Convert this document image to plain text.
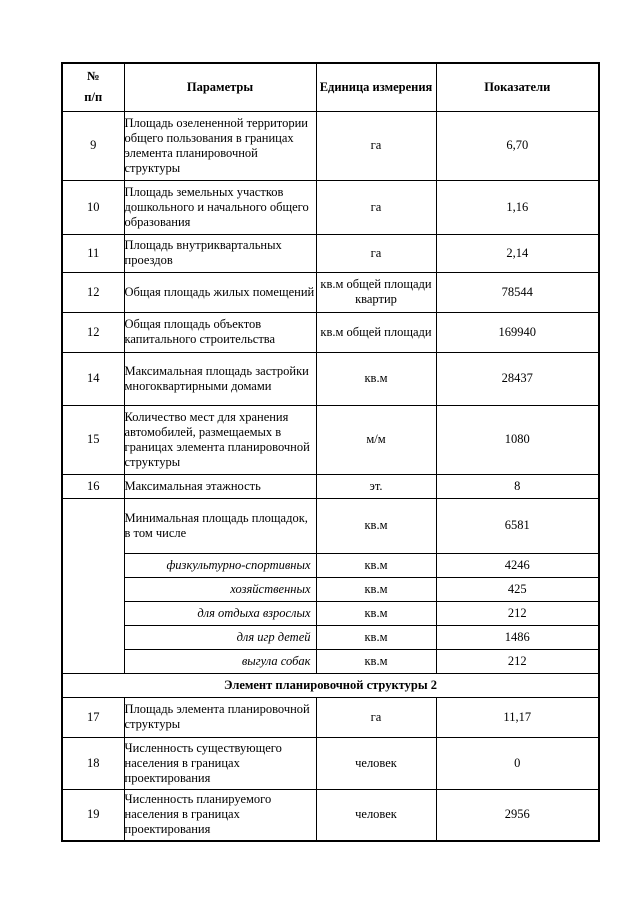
№
п/п	Параметры	Единица измерения	Показатели
9	Площадь озелененной территории общего пользования в границах элемента планировочной структуры	га	6,70
10	Площадь земельных участков дошкольного и начального общего образования	га	1,16
11	Площадь внутриквартальных проездов	га	2,14
12	Общая площадь жилых помещений	кв.м общей площади квартир	78544
12	Общая площадь объектов капитального строительства	кв.м общей площади	169940
14	Максимальная площадь застройки многоквартирными домами	кв.м	28437
15	Количество мест для хранения автомобилей, размещаемых в границах элемента планировочной структуры	м/м	1080
16	Максимальная этажность	эт.	8
	Минимальная площадь площадок, в том числе	кв.м	6581
	физкультурно-спортивных	кв.м	4246
	хозяйственных	кв.м	425
	для отдыха взрослых	кв.м	212
	для игр детей	кв.м	1486
	выгула собак	кв.м	212
Элемент планировочной структуры 2			
17	Площадь элемента планировочной структуры	га	11,17
18	Численность существующего населения в границах проектирования	человек	0
19	Численность планируемого населения в границах проектирования	человек	2956
